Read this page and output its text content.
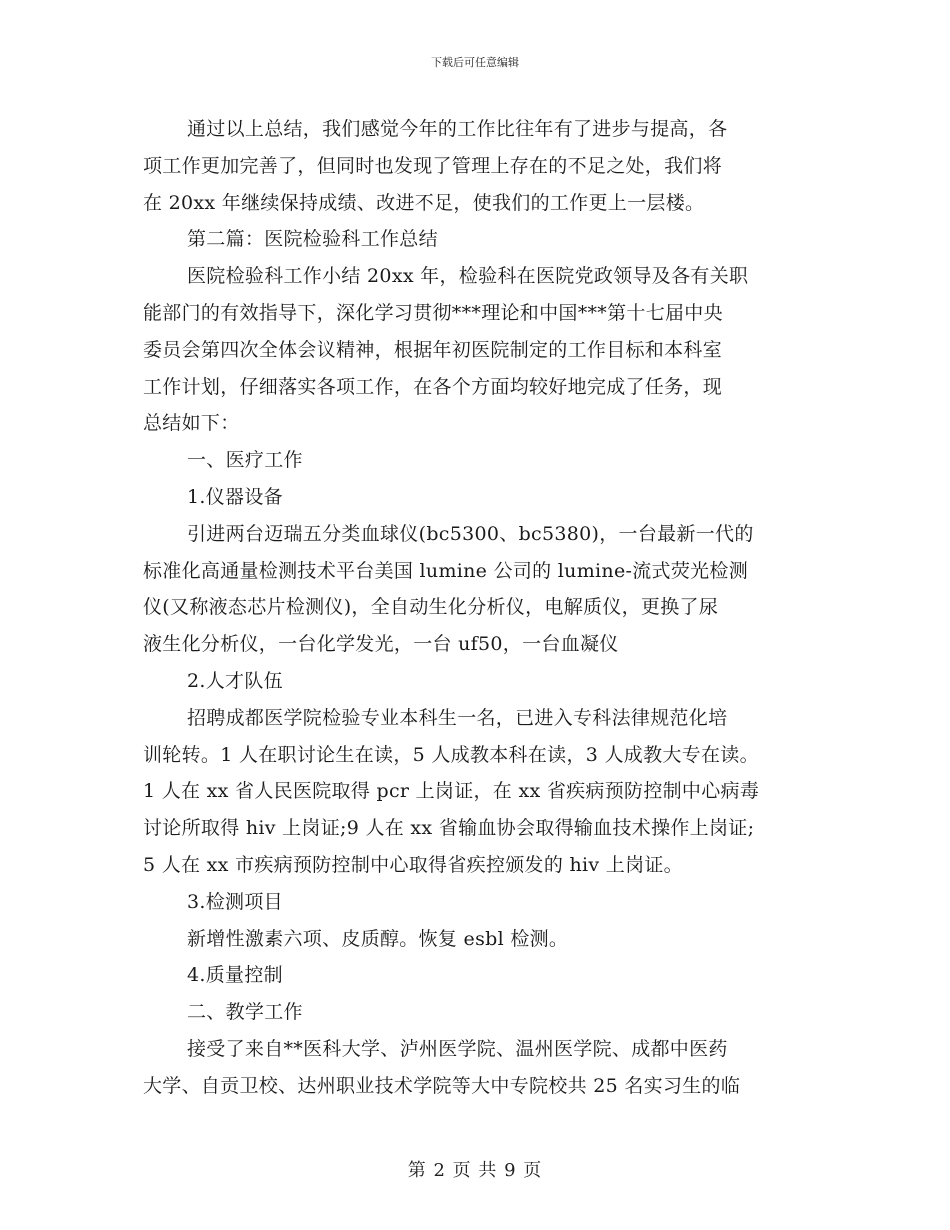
下载后可任意编辑
通过以上总结，我们感觉今年的工作比往年有了进步与提高，各
项工作更加完善了，但同时也发现了管理上存在的不足之处，我们将
在 20xx 年继续保持成绩、改进不足，使我们的工作更上一层楼。
第二篇：医院检验科工作总结
医院检验科工作小结 20xx 年，检验科在医院党政领导及各有关职
能部门的有效指导下，深化学习贯彻***理论和中国***第十七届中央
委员会第四次全体会议精神，根据年初医院制定的工作目标和本科室
工作计划，仔细落实各项工作，在各个方面均较好地完成了任务，现
总结如下：
一、医疗工作
1.仪器设备
引进两台迈瑞五分类血球仪(bc5300、bc5380)，一台最新一代的
标准化高通量检测技术平台美国 lumine 公司的 lumine-流式荧光检测
仪(又称液态芯片检测仪)，全自动生化分析仪，电解质仪，更换了尿
液生化分析仪，一台化学发光，一台 uf50，一台血凝仪
2.人才队伍
招聘成都医学院检验专业本科生一名，已进入专科法律规范化培
训轮转。1 人在职讨论生在读，5 人成教本科在读，3 人成教大专在读。
1 人在 xx 省人民医院取得 pcr 上岗证，在 xx 省疾病预防控制中心病毒
讨论所取得 hiv 上岗证;9 人在 xx 省输血协会取得输血技术操作上岗证;
5 人在 xx 市疾病预防控制中心取得省疾控颁发的 hiv 上岗证。
3.检测项目
新增性激素六项、皮质醇。恢复 esbl 检测。
4.质量控制
二、教学工作
接受了来自**医科大学、泸州医学院、温州医学院、成都中医药
大学、自贡卫校、达州职业技术学院等大中专院校共 25 名实习生的临
第 2 页 共 9 页
